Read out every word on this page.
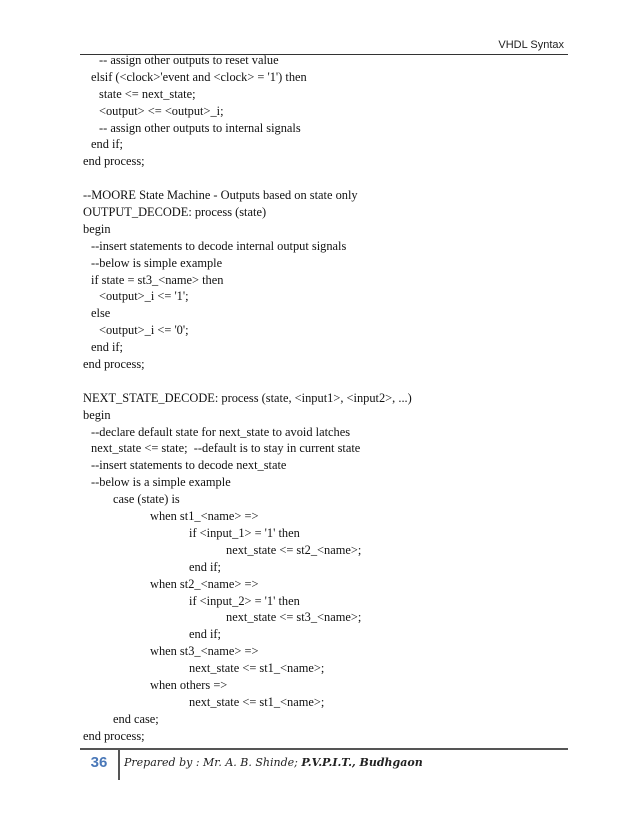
VHDL Syntax
-- assign other outputs to reset value
elsif (<clock>'event and <clock> = '1') then
state <= next_state;
<output> <= <output>_i;
-- assign other outputs to internal signals
end if;
end process;
--MOORE State Machine - Outputs based on state only
OUTPUT_DECODE: process (state)
begin
--insert statements to decode internal output signals
--below is simple example
if state = st3_<name> then
<output>_i <= '1';
else
<output>_i <= '0';
end if;
end process;
NEXT_STATE_DECODE: process (state, <input1>, <input2>, ...)
begin
--declare default state for next_state to avoid latches
next_state <= state;  --default is to stay in current state
--insert statements to decode next_state
--below is a simple example
case (state) is
when st1_<name> =>
if <input_1> = '1' then
next_state <= st2_<name>;
end if;
when st2_<name> =>
if <input_2> = '1' then
next_state <= st3_<name>;
end if;
when st3_<name> =>
next_state <= st1_<name>;
when others =>
next_state <= st1_<name>;
end case;
end process;
36	Prepared by : Mr. A. B. Shinde; P.V.P.I.T., Budhgaon
